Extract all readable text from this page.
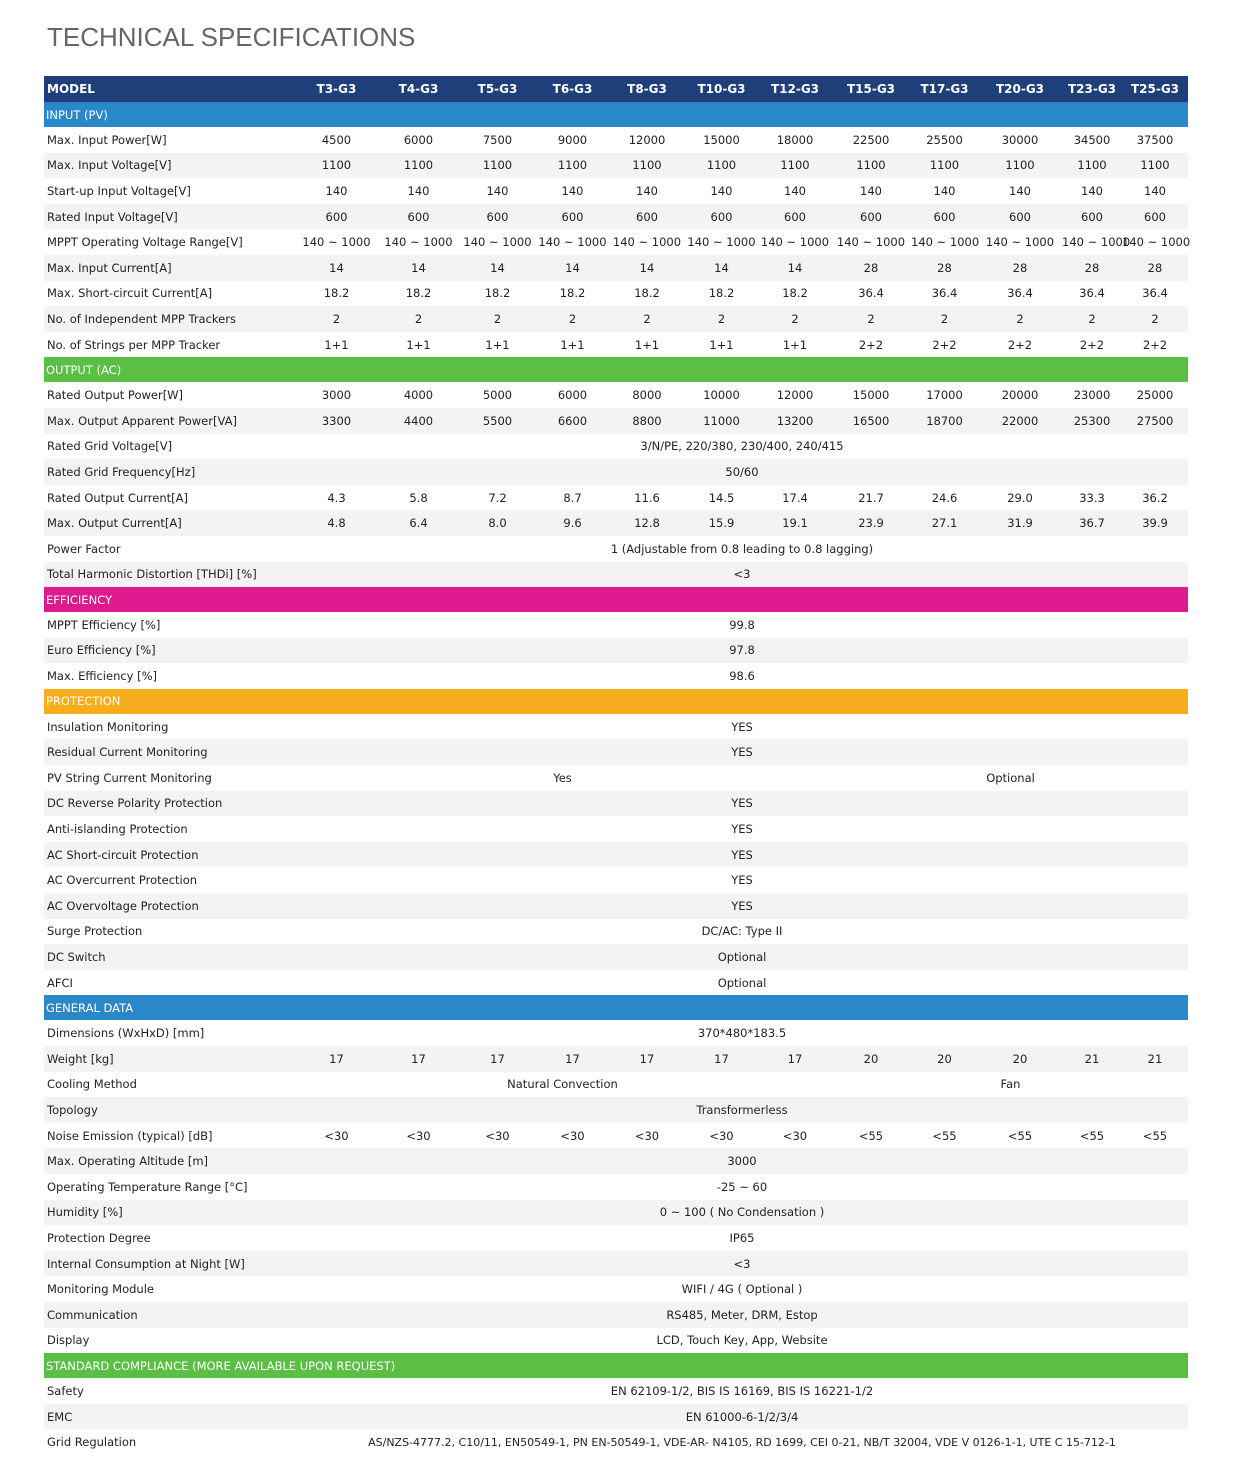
TECHNICAL SPECIFICATIONS
MODEL	T3-G3	T4-G3	T5-G3	T6-G3	T8-G3	T10-G3	T12-G3	T15-G3	T17-G3	T20-G3	T23-G3	T25-G3
INPUT (PV)												
Max. Input Power[W]	4500	6000	7500	9000	12000	15000	18000	22500	25500	30000	34500	37500
Max. Input Voltage[V]	1100	1100	1100	1100	1100	1100	1100	1100	1100	1100	1100	1100
Start-up Input Voltage[V]	140	140	140	140	140	140	140	140	140	140	140	140
Rated Input Voltage[V]	600	600	600	600	600	600	600	600	600	600	600	600
MPPT Operating Voltage Range[V]	140 ~ 1000	140 ~ 1000	140 ~ 1000	140 ~ 1000	140 ~ 1000	140 ~ 1000	140 ~ 1000	140 ~ 1000	140 ~ 1000	140 ~ 1000	140 ~ 1000	140 ~ 1000
Max. Input Current[A]	14	14	14	14	14	14	14	28	28	28	28	28
Max. Short-circuit Current[A]	18.2	18.2	18.2	18.2	18.2	18.2	18.2	36.4	36.4	36.4	36.4	36.4
No. of Independent MPP Trackers	2	2	2	2	2	2	2	2	2	2	2	2
No. of Strings per MPP Tracker	1+1	1+1	1+1	1+1	1+1	1+1	1+1	2+2	2+2	2+2	2+2	2+2
OUTPUT (AC)												
Rated Output Power[W]	3000	4000	5000	6000	8000	10000	12000	15000	17000	20000	23000	25000
Max. Output Apparent Power[VA]	3300	4400	5500	6600	8800	11000	13200	16500	18700	22000	25300	27500
Rated Grid Voltage[V]	3/N/PE, 220/380, 230/400, 240/415											
Rated Grid Frequency[Hz]	50/60											
Rated Output Current[A]	4.3	5.8	7.2	8.7	11.6	14.5	17.4	21.7	24.6	29.0	33.3	36.2
Max. Output Current[A]	4.8	6.4	8.0	9.6	12.8	15.9	19.1	23.9	27.1	31.9	36.7	39.9
Power Factor	1 (Adjustable from 0.8 leading to 0.8 lagging)											
Total Harmonic Distortion [THDi] [%]	<3											
EFFICIENCY												
MPPT Efficiency [%]	99.8											
Euro Efficiency [%]	97.8											
Max. Efficiency [%]	98.6											
PROTECTION												
Insulation Monitoring	YES											
Residual Current Monitoring	YES											
PV String Current Monitoring	Yes							Optional				
DC Reverse Polarity Protection	YES											
Anti-islanding Protection	YES											
AC Short-circuit Protection	YES											
AC Overcurrent Protection	YES											
AC Overvoltage Protection	YES											
Surge Protection	DC/AC: Type II											
DC Switch	Optional											
AFCI	Optional											
GENERAL DATA												
Dimensions (WxHxD) [mm]	370*480*183.5											
Weight [kg]	17	17	17	17	17	17	17	20	20	20	21	21
Cooling Method	Natural Convection							Fan				
Topology	Transformerless											
Noise Emission (typical) [dB]	<30	<30	<30	<30	<30	<30	<30	<55	<55	<55	<55	<55
Max. Operating Altitude [m]	3000											
Operating Temperature Range [°C]	-25 ~ 60											
Humidity [%]	0 ~ 100 ( No Condensation )											
Protection Degree	IP65											
Internal Consumption at Night [W]	<3											
Monitoring Module	WIFI / 4G ( Optional )											
Communication	RS485, Meter, DRM, Estop											
Display	LCD, Touch Key, App, Website											
STANDARD COMPLIANCE (MORE AVAILABLE UPON REQUEST)												
Safety	EN 62109-1/2, BIS IS 16169, BIS IS 16221-1/2											
EMC	EN 61000-6-1/2/3/4											
Grid Regulation	AS/NZS-4777.2, C10/11, EN50549-1, PN EN-50549-1, VDE-AR- N4105, RD 1699, CEI 0-21, NB/T 32004, VDE V 0126-1-1, UTE C 15-712-1											
